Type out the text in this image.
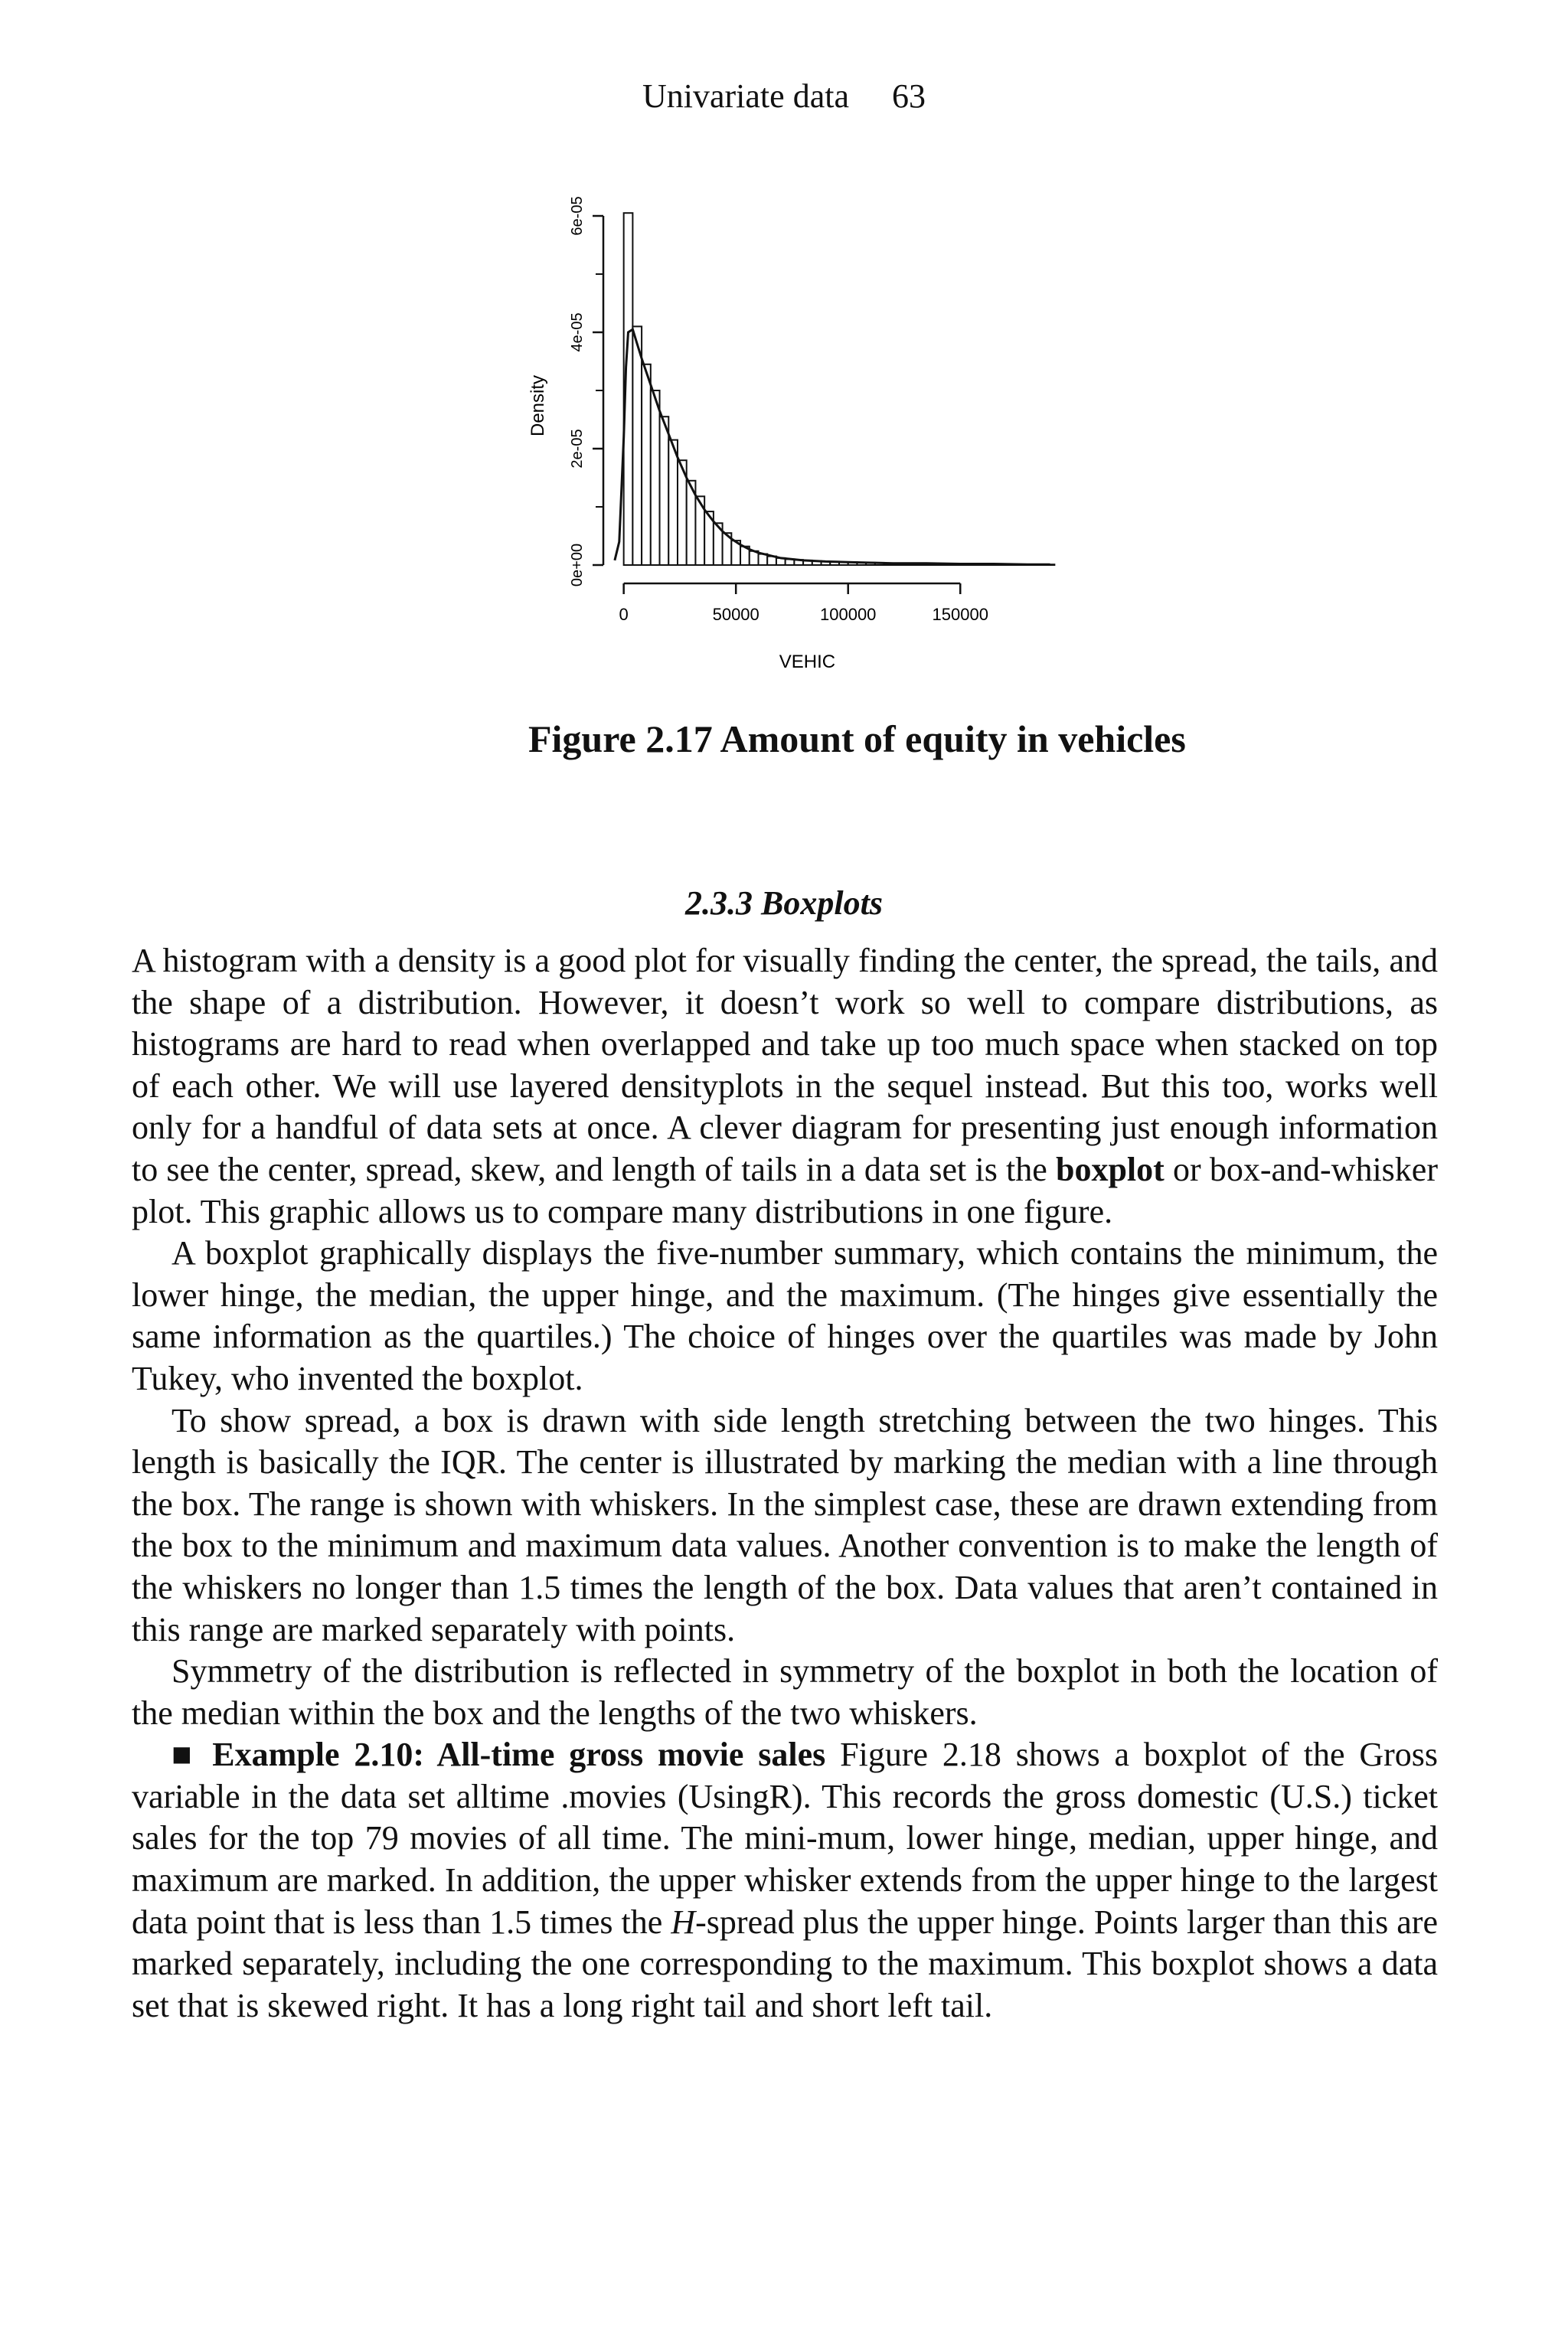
Univariate data 63
0	50000	100000	150000
0e+00
2e-05
4e-05
6e-05
VEHIC
Density
Figure 2.17 Amount of equity in vehicles
2.3.3 Boxplots

A histogram with a density is a good plot for visually finding the center, the spread, the tails, and the shape of a distribution. However, it doesn’t work so well to compare distributions, as histograms are hard to read when overlapped and take up too much space when stacked on top of each other. We will use layered densityplots in the sequel instead. But this too, works well only for a handful of data sets at once. A clever diagram for presenting just enough information to see the center, spread, skew, and length of tails in a data set is the boxplot or box-and-whisker plot. This graphic allows us to compare many distributions in one figure.

A boxplot graphically displays the five-number summary, which contains the minimum, the lower hinge, the median, the upper hinge, and the maximum. (The hinges give essentially the same information as the quartiles.) The choice of hinges over the quartiles was made by John Tukey, who invented the boxplot.

To show spread, a box is drawn with side length stretching between the two hinges. This length is basically the IQR. The center is illustrated by marking the median with a line through the box. The range is shown with whiskers. In the simplest case, these are drawn extending from the box to the minimum and maximum data values. Another convention is to make the length of the whiskers no longer than 1.5 times the length of the box. Data values that aren’t contained in this range are marked separately with points.

Symmetry of the distribution is reflected in symmetry of the boxplot in both the location of the median within the box and the lengths of the two whiskers.

■ Example 2.10: All-time gross movie sales Figure 2.18 shows a boxplot of the Gross variable in the data set alltime .movies (UsingR). This records the gross domestic (U.S.) ticket sales for the top 79 movies of all time. The mini-mum, lower hinge, median, upper hinge, and maximum are marked. In addition, the upper whisker extends from the upper hinge to the largest data point that is less than 1.5 times the H-spread plus the upper hinge. Points larger than this are marked separately, including the one corresponding to the maximum. This boxplot shows a data set that is skewed right. It has a long right tail and short left tail.
